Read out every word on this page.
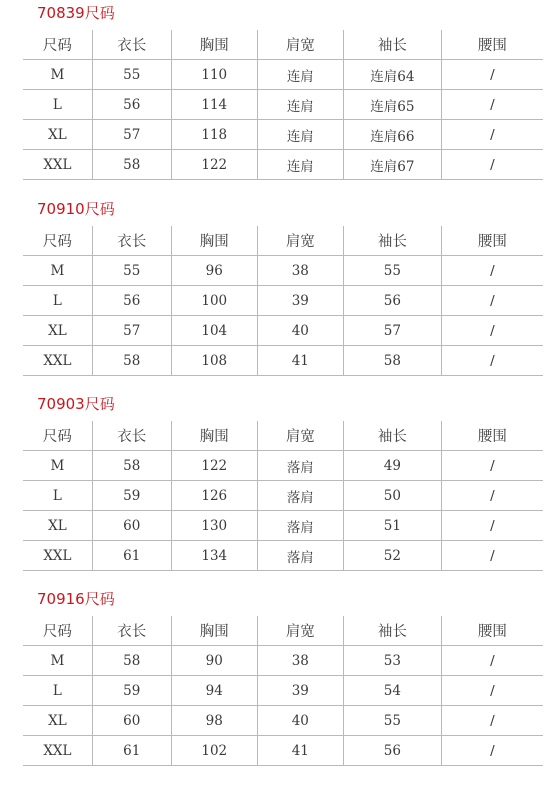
70839尺码
尺码	衣长	胸围	肩宽	袖长	腰围
M	55	110	连肩	连肩64	/
L	56	114	连肩	连肩65	/
XL	57	118	连肩	连肩66	/
XXL	58	122	连肩	连肩67	/
70910尺码
尺码	衣长	胸围	肩宽	袖长	腰围
M	55	96	38	55	/
L	56	100	39	56	/
XL	57	104	40	57	/
XXL	58	108	41	58	/
70903尺码
尺码	衣长	胸围	肩宽	袖长	腰围
M	58	122	落肩	49	/
L	59	126	落肩	50	/
XL	60	130	落肩	51	/
XXL	61	134	落肩	52	/
70916尺码
尺码	衣长	胸围	肩宽	袖长	腰围
M	58	90	38	53	/
L	59	94	39	54	/
XL	60	98	40	55	/
XXL	61	102	41	56	/
